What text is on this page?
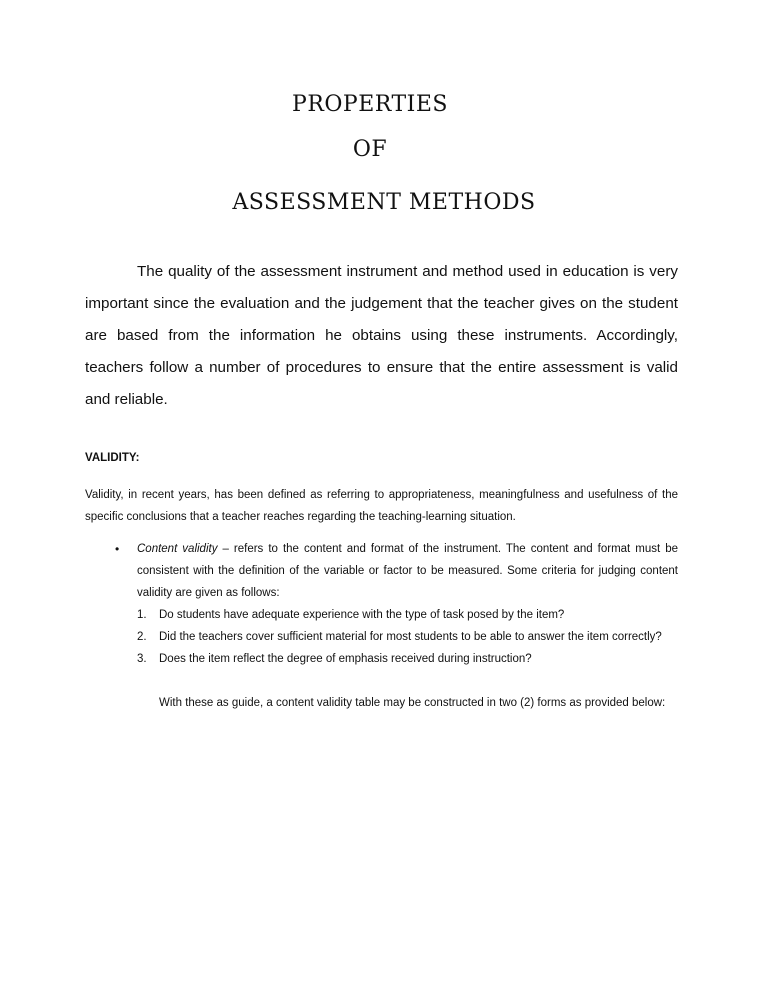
PROPERTIES
OF
ASSESSMENT METHODS

The quality of the assessment instrument and method used in education is very important since the evaluation and the judgement that the teacher gives on the student are based from the information he obtains using these instruments. Accordingly, teachers follow a number of procedures to ensure that the entire assessment is valid and reliable.

VALIDITY:
Validity, in recent years, has been defined as referring to appropriateness, meaningfulness and usefulness of the specific conclusions that a teacher reaches regarding the teaching-learning situation.
• Content validity – refers to the content and format of the instrument. The content and format must be consistent with the definition of the variable or factor to be measured. Some criteria for judging content validity are given as follows:
1. Do students have adequate experience with the type of task posed by the item?
2. Did the teachers cover sufficient material for most students to be able to answer the item correctly?
3. Does the item reflect the degree of emphasis received during instruction?
With these as guide, a content validity table may be constructed in two (2) forms as provided below:
